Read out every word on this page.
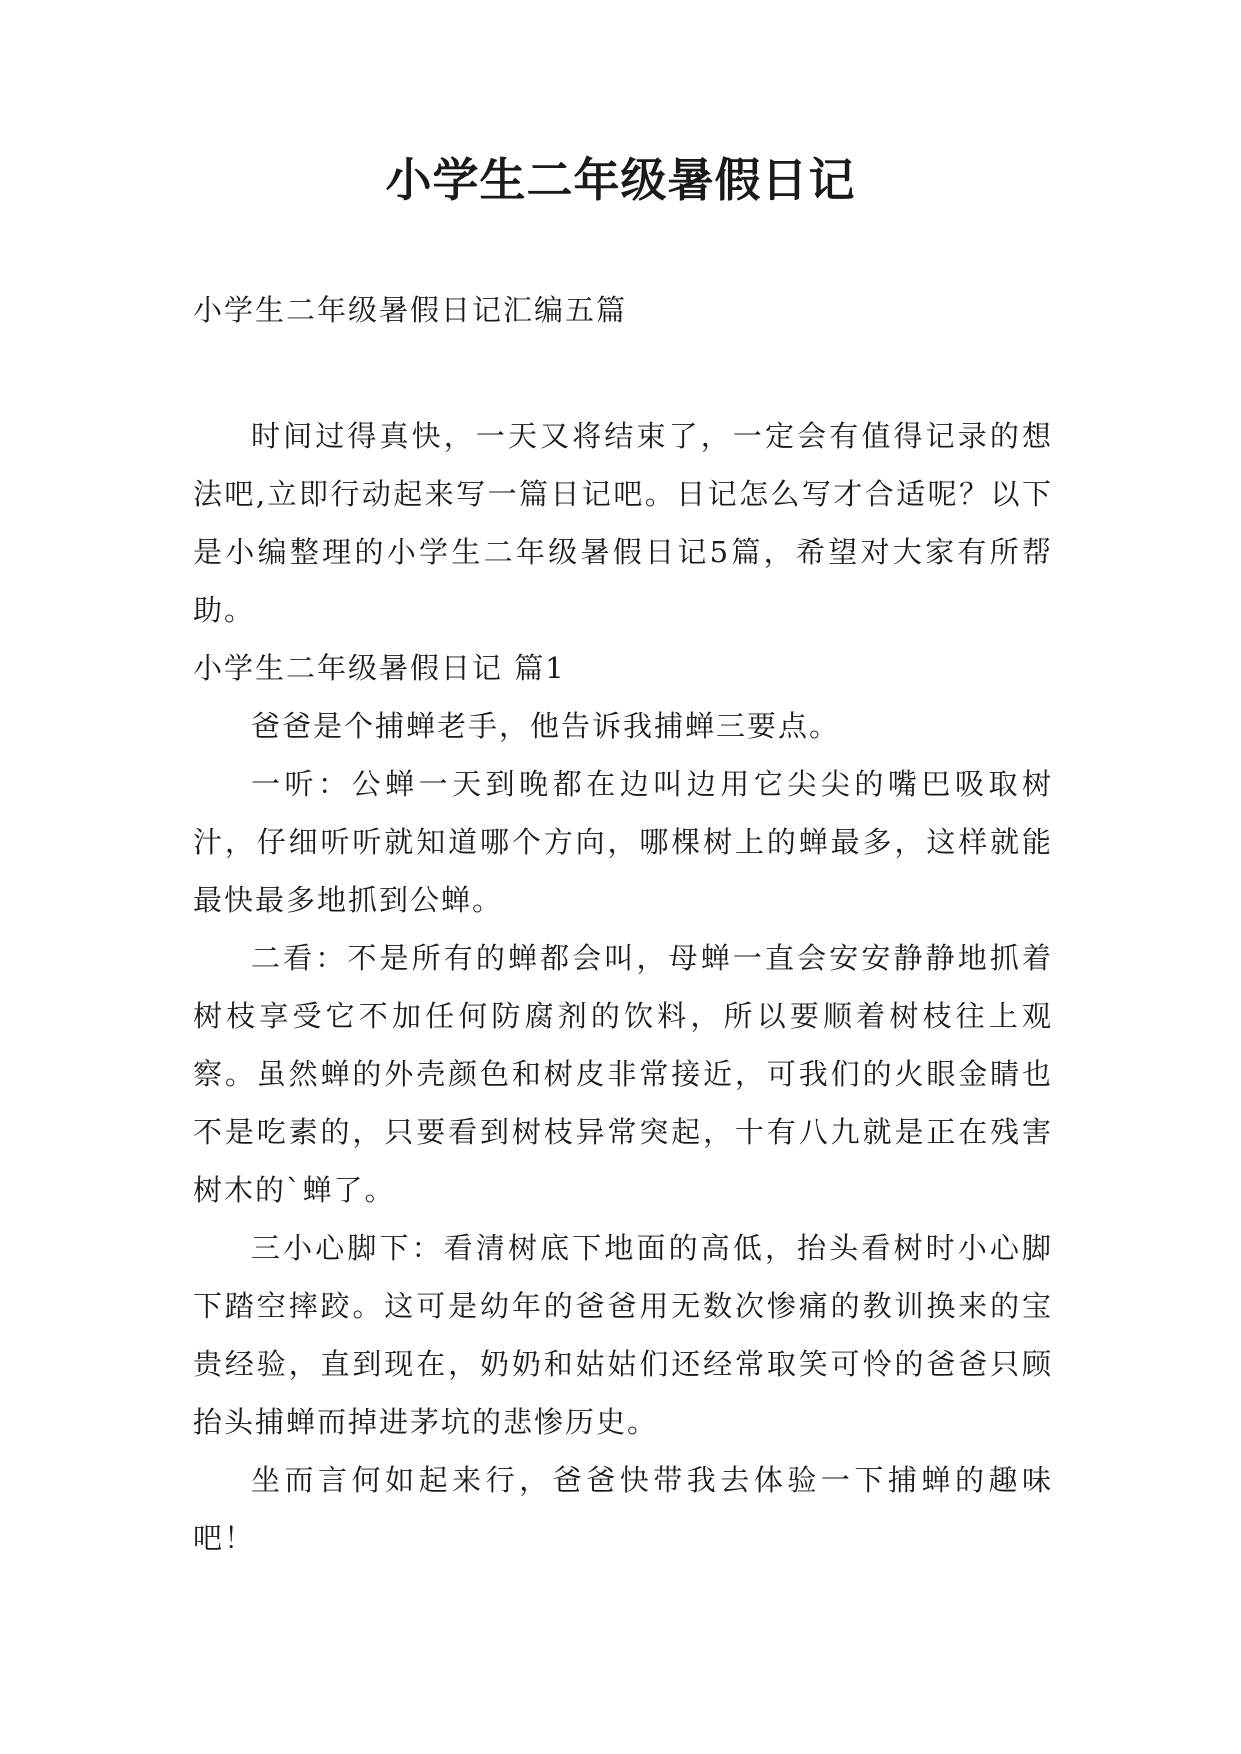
小学生二年级暑假日记
小学生二年级暑假日记汇编五篇

时间过得真快，一天又将结束了，一定会有值得记录的想法吧,立即行动起来写一篇日记吧。日记怎么写才合适呢？以下是小编整理的小学生二年级暑假日记5篇，希望对大家有所帮助。

小学生二年级暑假日记 篇1

爸爸是个捕蝉老手，他告诉我捕蝉三要点。

一听：公蝉一天到晚都在边叫边用它尖尖的嘴巴吸取树汁，仔细听听就知道哪个方向，哪棵树上的蝉最多，这样就能最快最多地抓到公蝉。

二看：不是所有的蝉都会叫，母蝉一直会安安静静地抓着树枝享受它不加任何防腐剂的饮料，所以要顺着树枝往上观察。虽然蝉的外壳颜色和树皮非常接近，可我们的火眼金睛也不是吃素的，只要看到树枝异常突起，十有八九就是正在残害树木的`蝉了。

三小心脚下：看清树底下地面的高低，抬头看树时小心脚下踏空摔跤。这可是幼年的爸爸用无数次惨痛的教训换来的宝贵经验，直到现在，奶奶和姑姑们还经常取笑可怜的爸爸只顾抬头捕蝉而掉进茅坑的悲惨历史。

坐而言何如起来行，爸爸快带我去体验一下捕蝉的趣味吧！
